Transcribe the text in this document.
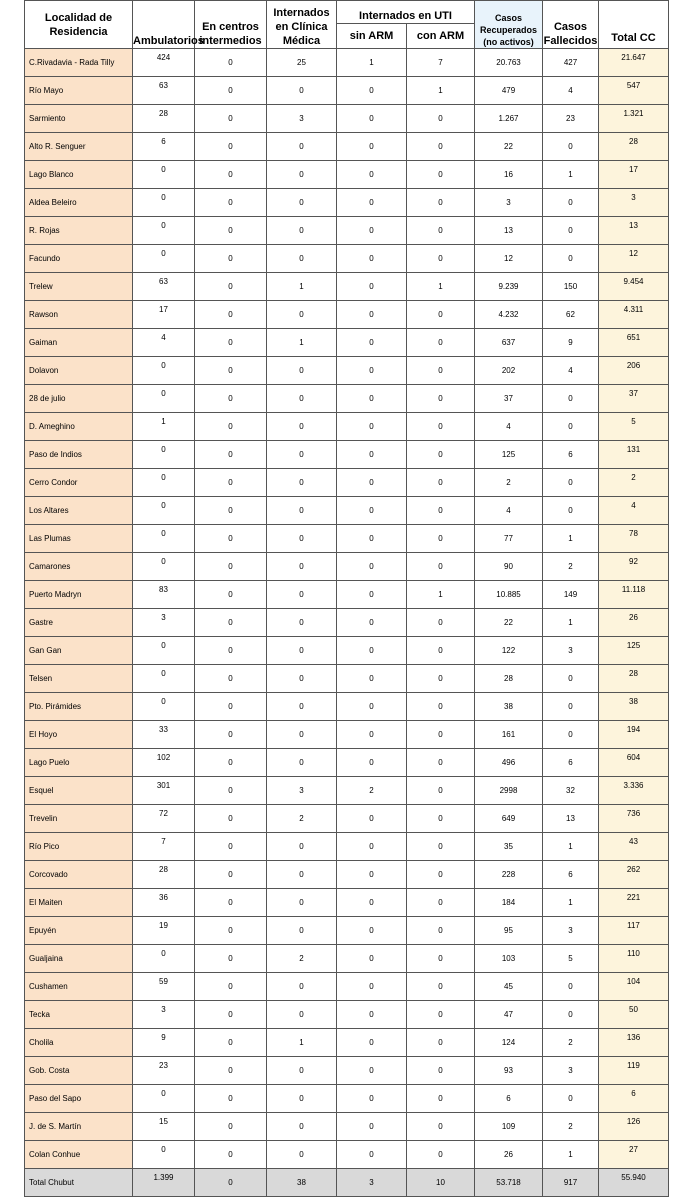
Localidad de Residencia	Ambulatorios	En centros intermedios	Internados
en Clínica Médica	Internados en UTI		Casos Recuperados (no activos)	Casos Fallecidos	Total CC
				sin ARM	con ARM			
C.Rivadavia - Rada Tilly	424	0	25	1	7	20.763	427	21.647
Río Mayo	63	0	0	0	1	479	4	547
Sarmiento	28	0	3	0	0	1.267	23	1.321
Alto R. Senguer	6	0	0	0	0	22	0	28
Lago Blanco	0	0	0	0	0	16	1	17
Aldea Beleiro	0	0	0	0	0	3	0	3
R. Rojas	0	0	0	0	0	13	0	13
Facundo	0	0	0	0	0	12	0	12
Trelew	63	0	1	0	1	9.239	150	9.454
Rawson	17	0	0	0	0	4.232	62	4.311
Gaiman	4	0	1	0	0	637	9	651
Dolavon	0	0	0	0	0	202	4	206
28 de julio	0	0	0	0	0	37	0	37
D. Ameghino	1	0	0	0	0	4	0	5
Paso de Indios	0	0	0	0	0	125	6	131
Cerro Condor	0	0	0	0	0	2	0	2
Los Altares	0	0	0	0	0	4	0	4
Las Plumas	0	0	0	0	0	77	1	78
Camarones	0	0	0	0	0	90	2	92
Puerto Madryn	83	0	0	0	1	10.885	149	11.118
Gastre	3	0	0	0	0	22	1	26
Gan Gan	0	0	0	0	0	122	3	125
Telsen	0	0	0	0	0	28	0	28
Pto. Pirámides	0	0	0	0	0	38	0	38
El Hoyo	33	0	0	0	0	161	0	194
Lago Puelo	102	0	0	0	0	496	6	604
Esquel	301	0	3	2	0	2998	32	3.336
Trevelin	72	0	2	0	0	649	13	736
Río Pico	7	0	0	0	0	35	1	43
Corcovado	28	0	0	0	0	228	6	262
El Maiten	36	0	0	0	0	184	1	221
Epuyén	19	0	0	0	0	95	3	117
Gualjaina	0	0	2	0	0	103	5	110
Cushamen	59	0	0	0	0	45	0	104
Tecka	3	0	0	0	0	47	0	50
Cholila	9	0	1	0	0	124	2	136
Gob. Costa	23	0	0	0	0	93	3	119
Paso del Sapo	0	0	0	0	0	6	0	6
J. de S. Martín	15	0	0	0	0	109	2	126
Colan Conhue	0	0	0	0	0	26	1	27
Total Chubut	1.399	0	38	3	10	53.718	917	55.940
